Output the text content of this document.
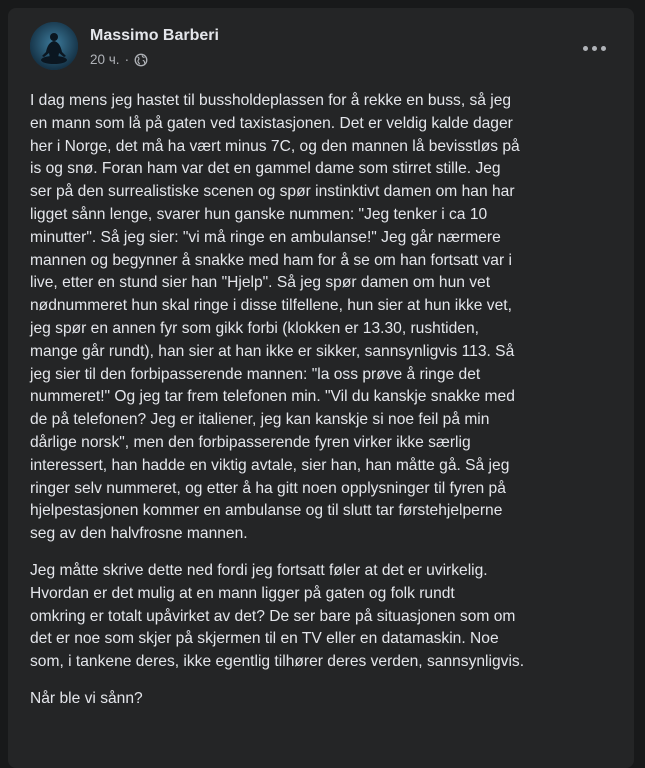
Massimo Barberi
20 ч. ·

I dag mens jeg hastet til bussholdeplassen for å rekke en buss, så jeg
en mann som lå på gaten ved taxistasjonen. Det er veldig kalde dager
her i Norge, det må ha vært minus 7C, og den mannen lå bevisstløs på
is og snø. Foran ham var det en gammel dame som stirret stille. Jeg
ser på den surrealistiske scenen og spør instinktivt damen om han har
ligget sånn lenge, svarer hun ganske nummen: "Jeg tenker i ca 10
minutter". Så jeg sier: "vi må ringe en ambulanse!" Jeg går nærmere
mannen og begynner å snakke med ham for å se om han fortsatt var i
live, etter en stund sier han "Hjelp". Så jeg spør damen om hun vet
nødnummeret hun skal ringe i disse tilfellene, hun sier at hun ikke vet,
jeg spør en annen fyr som gikk forbi (klokken er 13.30, rushtiden,
mange går rundt), han sier at han ikke er sikker, sannsynligvis 113. Så
jeg sier til den forbipasserende mannen: "la oss prøve å ringe det
nummeret!" Og jeg tar frem telefonen min. "Vil du kanskje snakke med
de på telefonen? Jeg er italiener, jeg kan kanskje si noe feil på min
dårlige norsk", men den forbipasserende fyren virker ikke særlig
interessert, han hadde en viktig avtale, sier han, han måtte gå. Så jeg
ringer selv nummeret, og etter å ha gitt noen opplysninger til fyren på
hjelpestasjonen kommer en ambulanse og til slutt tar førstehjelperne
seg av den halvfrosne mannen.

Jeg måtte skrive dette ned fordi jeg fortsatt føler at det er uvirkelig.
Hvordan er det mulig at en mann ligger på gaten og folk rundt
omkring er totalt upåvirket av det? De ser bare på situasjonen som om
det er noe som skjer på skjermen til en TV eller en datamaskin. Noe
som, i tankene deres, ikke egentlig tilhører deres verden, sannsynligvis.

Når ble vi sånn?
